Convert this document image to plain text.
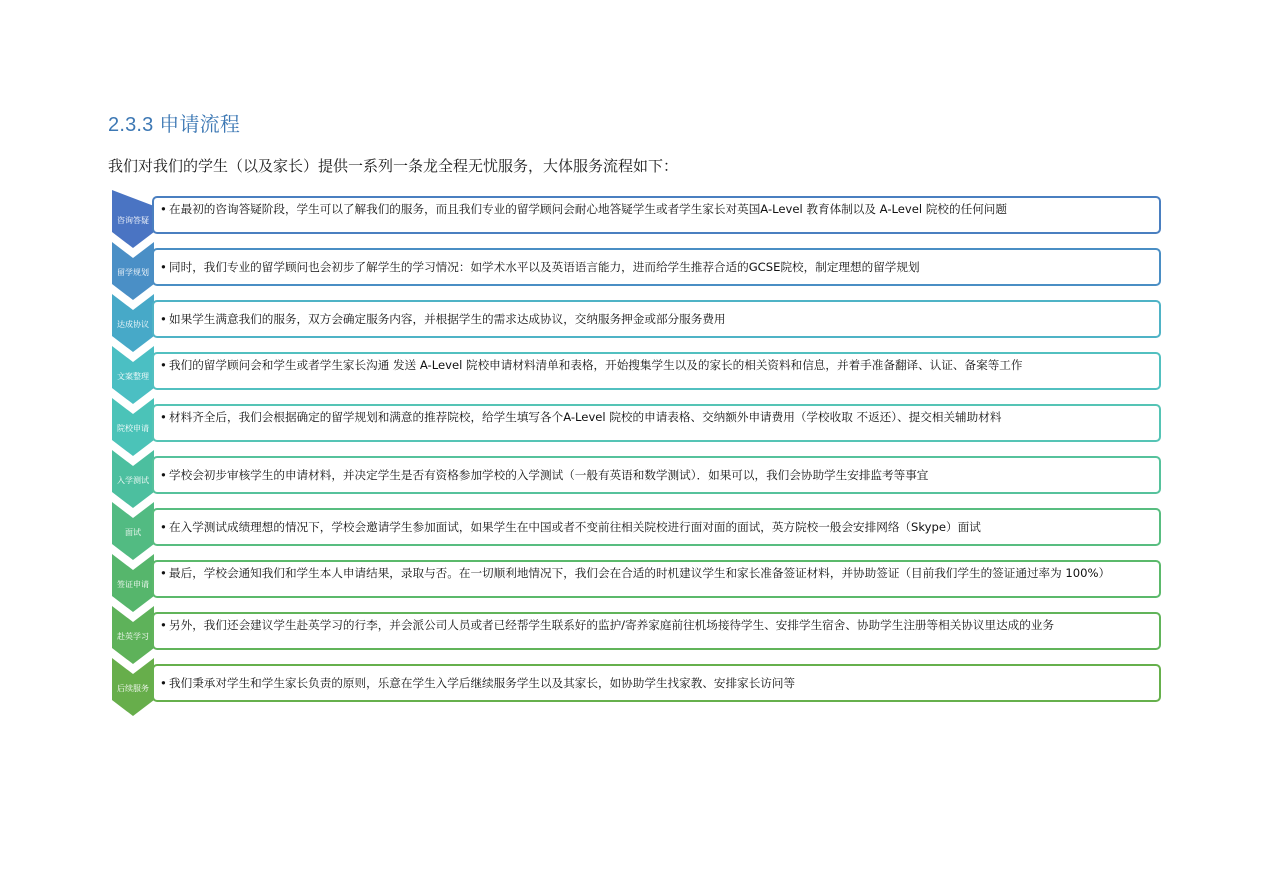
2.3.3 申请流程
我们对我们的学生（以及家长）提供一系列一条龙全程无忧服务，大体服务流程如下：
咨询答疑
• 在最初的咨询答疑阶段，学生可以了解我们的服务，而且我们专业的留学顾问会耐心地答疑学生或者学生家长对英国A-Level 教育体制以及 A-Level 院校的任何问题
留学规划 • 同时，我们专业的留学顾问也会初步了解学生的学习情况：如学术水平以及英语语言能力，进而给学生推荐合适的GCSE院校，制定理想的留学规划
达成协议 • 如果学生满意我们的服务，双方会确定服务内容，并根据学生的需求达成协议，交纳服务押金或部分服务费用
文案整理
• 我们的留学顾问会和学生或者学生家长沟通 发送 A-Level 院校申请材料清单和表格，开始搜集学生以及的家长的相关资料和信息，并着手准备翻译、认证、备案等工作
院校申请
• 材料齐全后，我们会根据确定的留学规划和满意的推荐院校，给学生填写各个A-Level 院校的申请表格、交纳额外申请费用（学校收取 不返还）、提交相关辅助材料
入学测试 • 学校会初步审核学生的申请材料，并决定学生是否有资格参加学校的入学测试（一般有英语和数学测试）．如果可以，我们会协助学生安排监考等事宜
面试	• 在入学测试成绩理想的情况下，学校会邀请学生参加面试，如果学生在中国或者不变前往相关院校进行面对面的面试，英方院校一般会安排网络（Skype）面试
签证申请
• 最后，学校会通知我们和学生本人申请结果，录取与否。在一切顺利地情况下，我们会在合适的时机建议学生和家长准备签证材料，并协助签证（目前我们学生的签证通过率为 100%）
赴英学习
• 另外，我们还会建议学生赴英学习的行李，并会派公司人员或者已经帮学生联系好的监护/寄养家庭前往机场接待学生、安排学生宿舍、协助学生注册等相关协议里达成的业务
后续服务 • 我们秉承对学生和学生家长负责的原则，乐意在学生入学后继续服务学生以及其家长，如协助学生找家教、安排家长访问等
